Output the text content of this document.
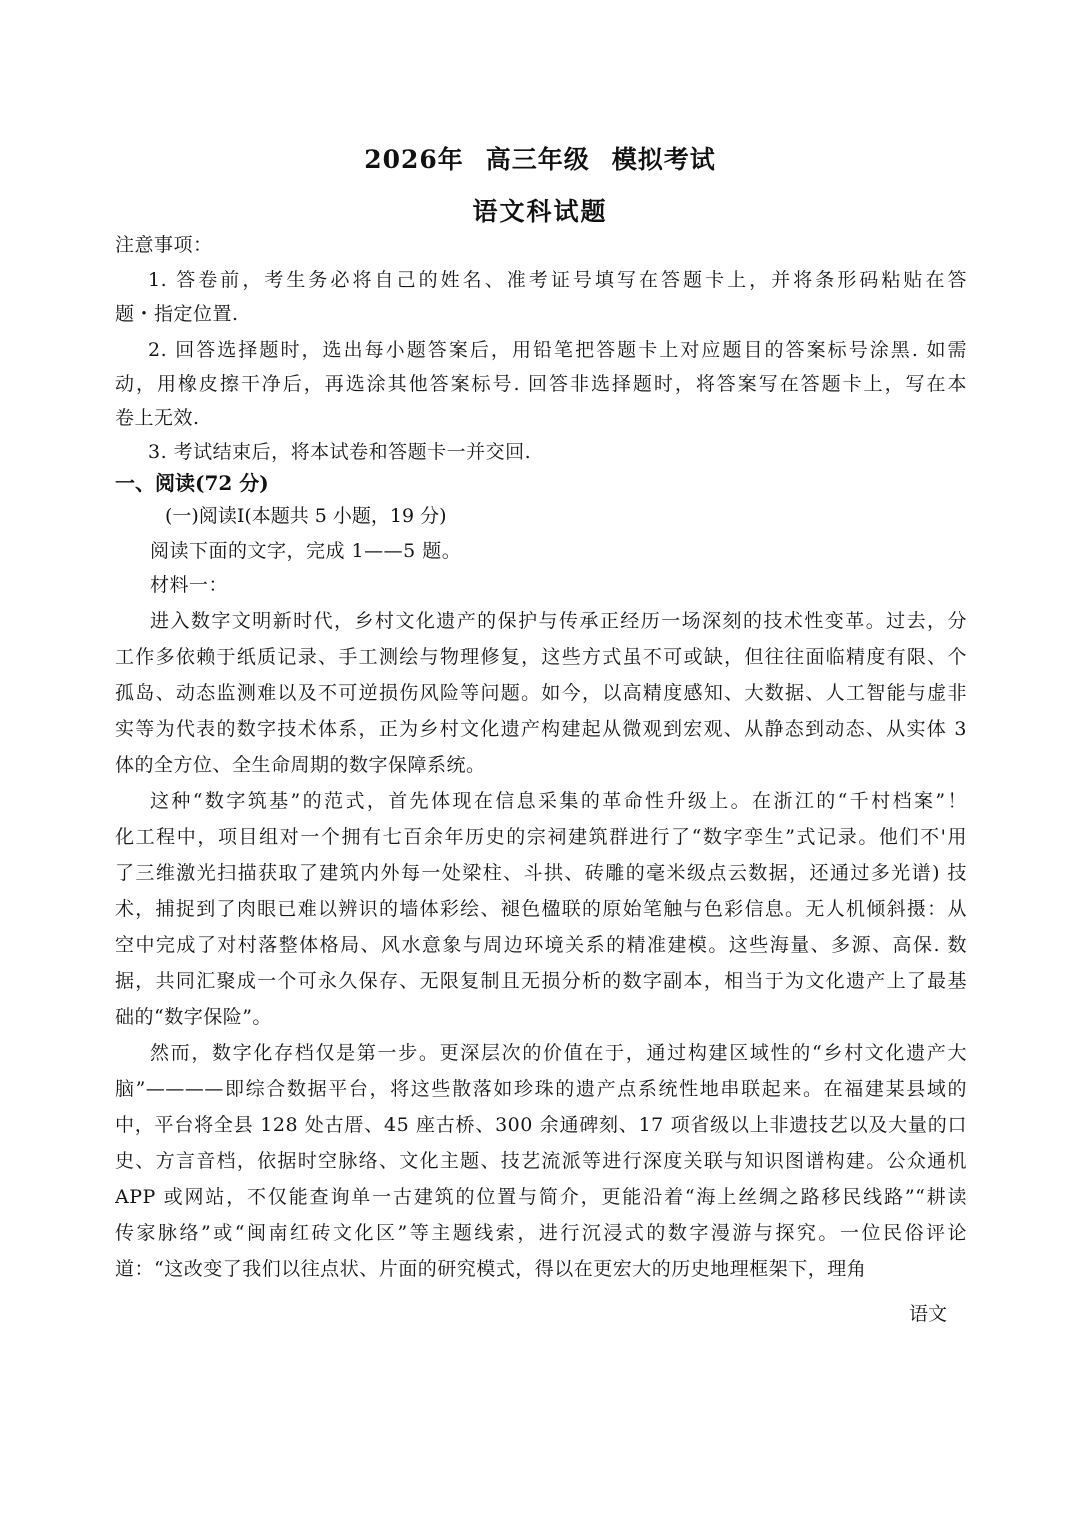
2026年 高三年级 模拟考试
语文科试题
注意事项：
1. 答卷前，考生务必将自己的姓名、准考证号填写在答题卡上，并将条形码粘贴在答
题・指定位置.
2. 回答选择题时，选出每小题答案后，用铅笔把答题卡上对应题目的答案标号涂黑. 如需
动，用橡皮擦干净后，再选涂其他答案标号. 回答非选择题时，将答案写在答题卡上，写在本
卷上无效.
3. 考试结束后，将本试卷和答题卡一并交回.
一、阅读(72 分)
(一)阅读Ⅰ(本题共 5 小题，19 分)
阅读下面的文字，完成 1——5 题。
材料一：
进入数字文明新时代，乡村文化遗产的保护与传承正经历一场深刻的技术性变革。过去，分
工作多依赖于纸质记录、手工测绘与物理修复，这些方式虽不可或缺，但往往面临精度有限、个
孤岛、动态监测难以及不可逆损伤风险等问题。如今，以高精度感知、大数据、人工智能与虚非
实等为代表的数字技术体系，正为乡村文化遗产构建起从微观到宏观、从静态到动态、从实体 3
体的全方位、全生命周期的数字保障系统。
这种“数字筑基”的范式，首先体现在信息采集的革命性升级上。在浙江的“千村档案”！
化工程中，项目组对一个拥有七百余年历史的宗祠建筑群进行了“数字孪生”式记录。他们不'用
了三维激光扫描获取了建筑内外每一处梁柱、斗拱、砖雕的毫米级点云数据，还通过多光谱) 技
术，捕捉到了肉眼已难以辨识的墙体彩绘、褪色楹联的原始笔触与色彩信息。无人机倾斜摄：从
空中完成了对村落整体格局、风水意象与周边环境关系的精准建模。这些海量、多源、高保. 数
据，共同汇聚成一个可永久保存、无限复制且无损分析的数字副本，相当于为文化遗产上了最基
础的“数字保险”。
然而，数字化存档仅是第一步。更深层次的价值在于，通过构建区域性的“乡村文化遗产大
脑”————即综合数据平台，将这些散落如珍珠的遗产点系统性地串联起来。在福建某县域的
中，平台将全县 128 处古厝、45 座古桥、300 余通碑刻、17 项省级以上非遗技艺以及大量的口
史、方言音档，依据时空脉络、文化主题、技艺流派等进行深度关联与知识图谱构建。公众通机
APP 或网站，不仅能查询单一古建筑的位置与简介，更能沿着“海上丝绸之路移民线路”“耕读
传家脉络”或“闽南红砖文化区”等主题线索，进行沉浸式的数字漫游与探究。一位民俗评论
道：“这改变了我们以往点状、片面的研究模式，得以在更宏大的历史地理框架下，理角
语文
